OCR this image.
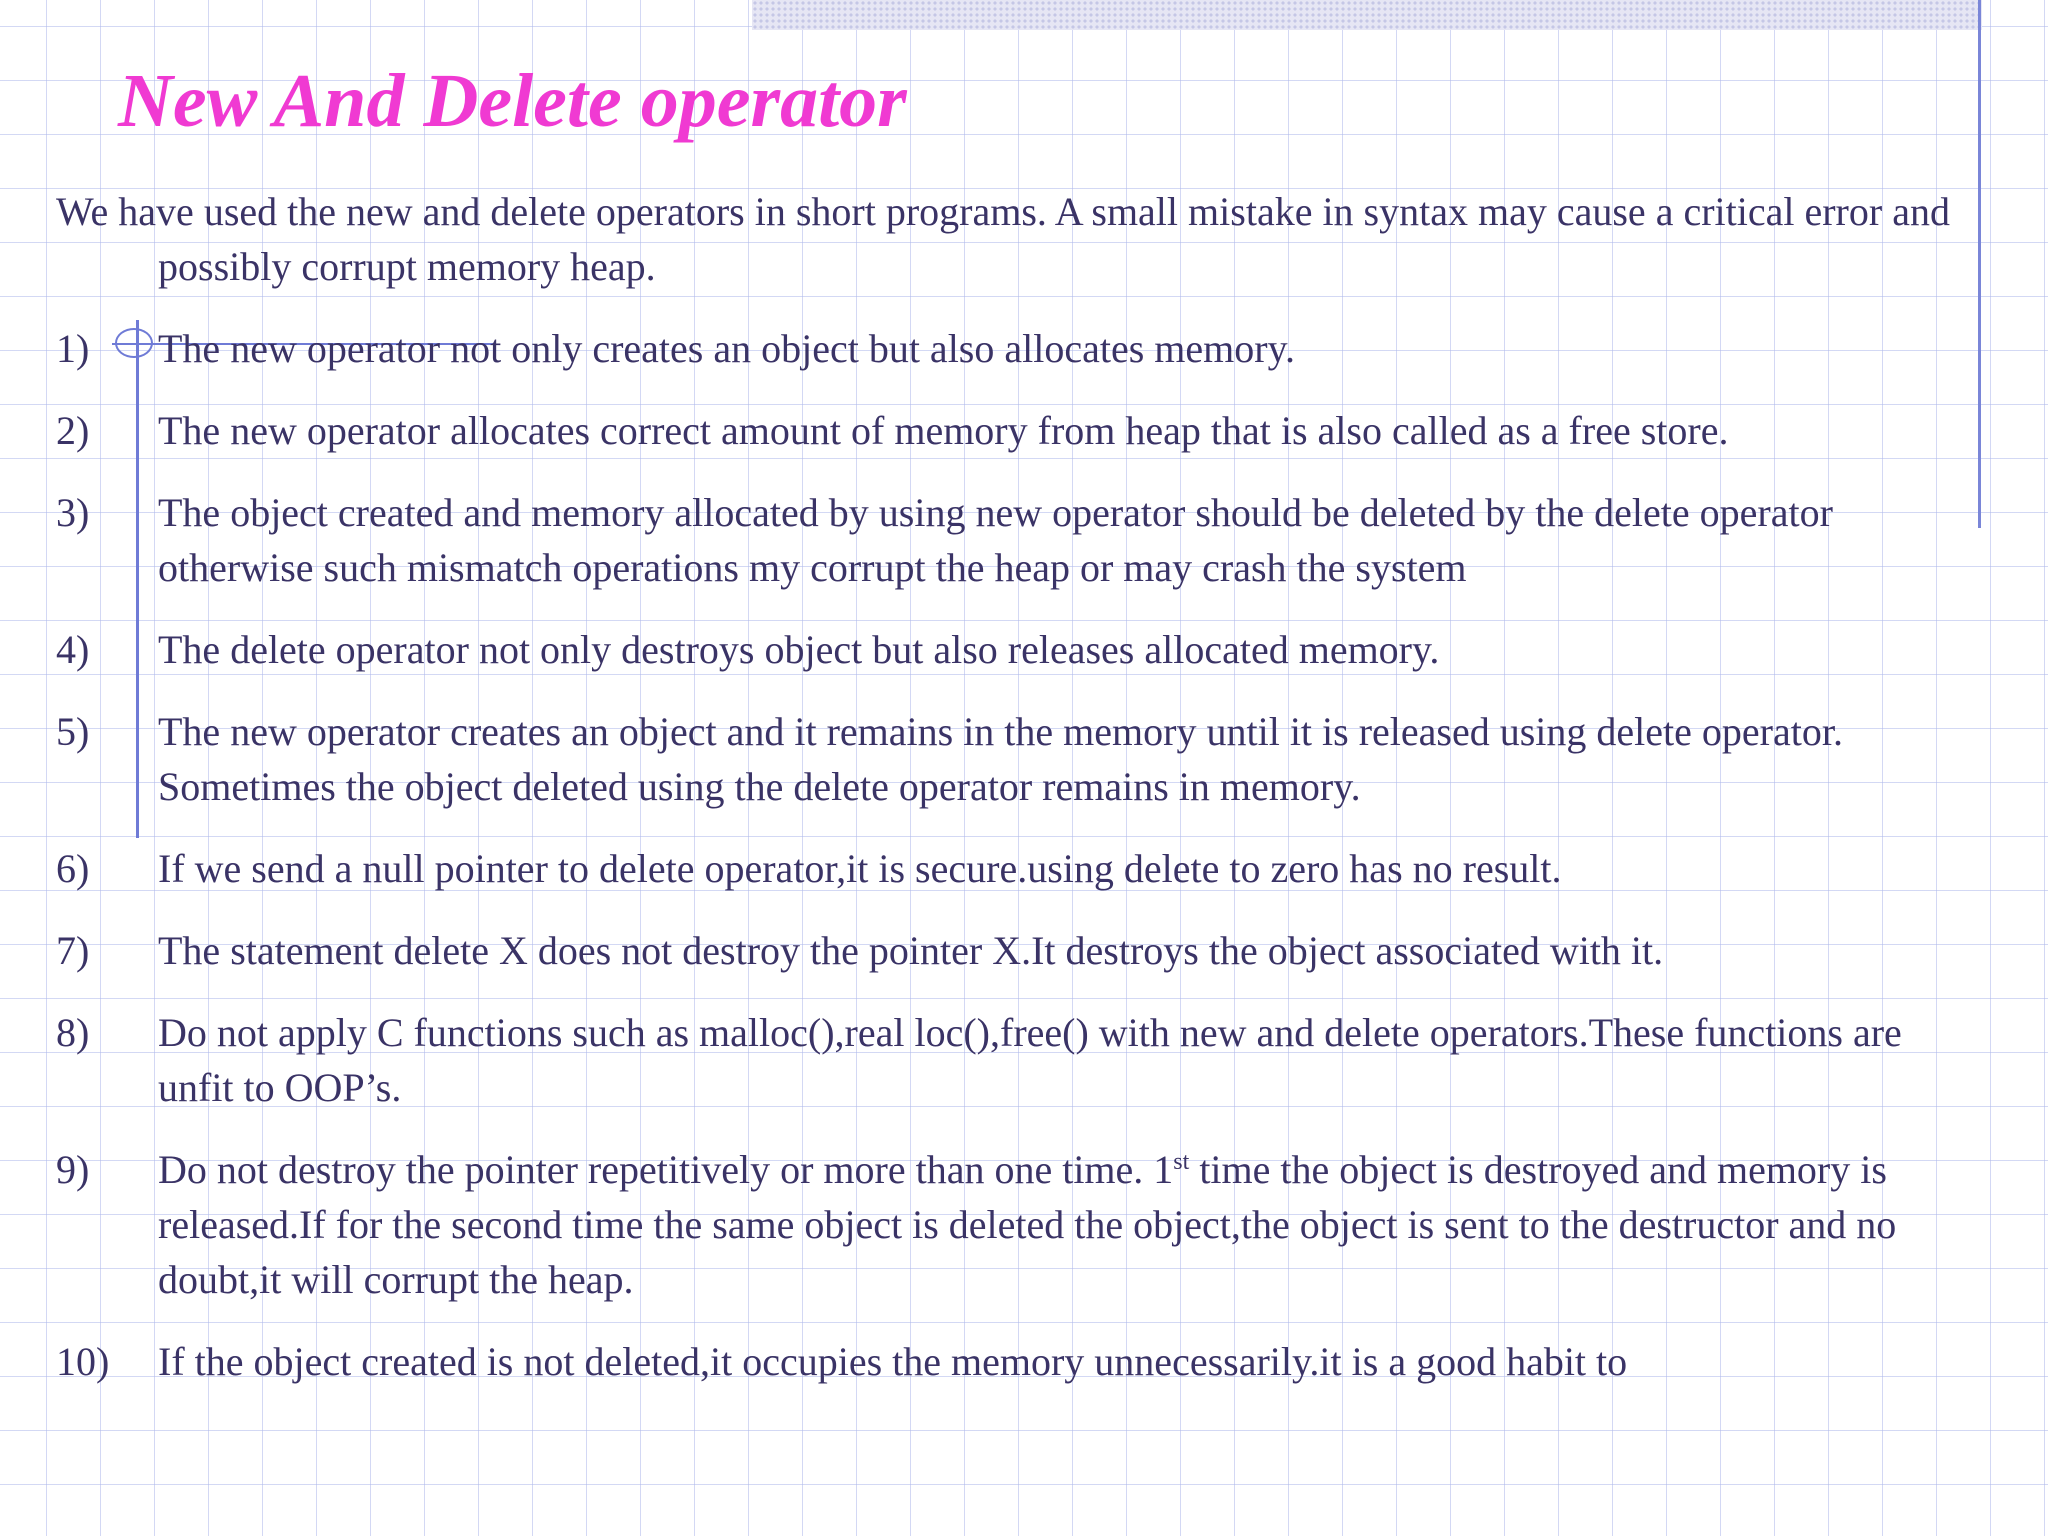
New And Delete operator

We have used the new and delete operators in short programs. A small mistake in syntax may cause a critical error and possibly corrupt memory heap.

1)	The new operator not only creates an object but also allocates memory.
2)	The new operator allocates correct amount of memory from heap that is also called as a free store.
3)	The object created and memory allocated by using new operator should be deleted by the delete operator otherwise such mismatch operations my corrupt the heap or may crash the system
4)	The delete operator not only destroys object but also releases allocated memory.
5)	The new operator creates an object and it remains in the memory until it is released using delete operator. Sometimes the object deleted using the delete operator remains in memory.
6)	If we send a null pointer to delete operator,it is secure.using delete to zero has no result.
7)	The statement delete X does not destroy the pointer X.It destroys the object associated with it.
8)	Do not apply C functions such as malloc(),real loc(),free() with new and delete operators.These functions are unfit to OOP’s.
9)	Do not destroy the pointer repetitively or more than one time. 1st time the object is destroyed and memory is released.If for the second time the same object is deleted the object,the object is sent to the destructor and no doubt,it will corrupt the heap.
10)	If the object created is not deleted,it occupies the memory unnecessarily.it is a good habit to
